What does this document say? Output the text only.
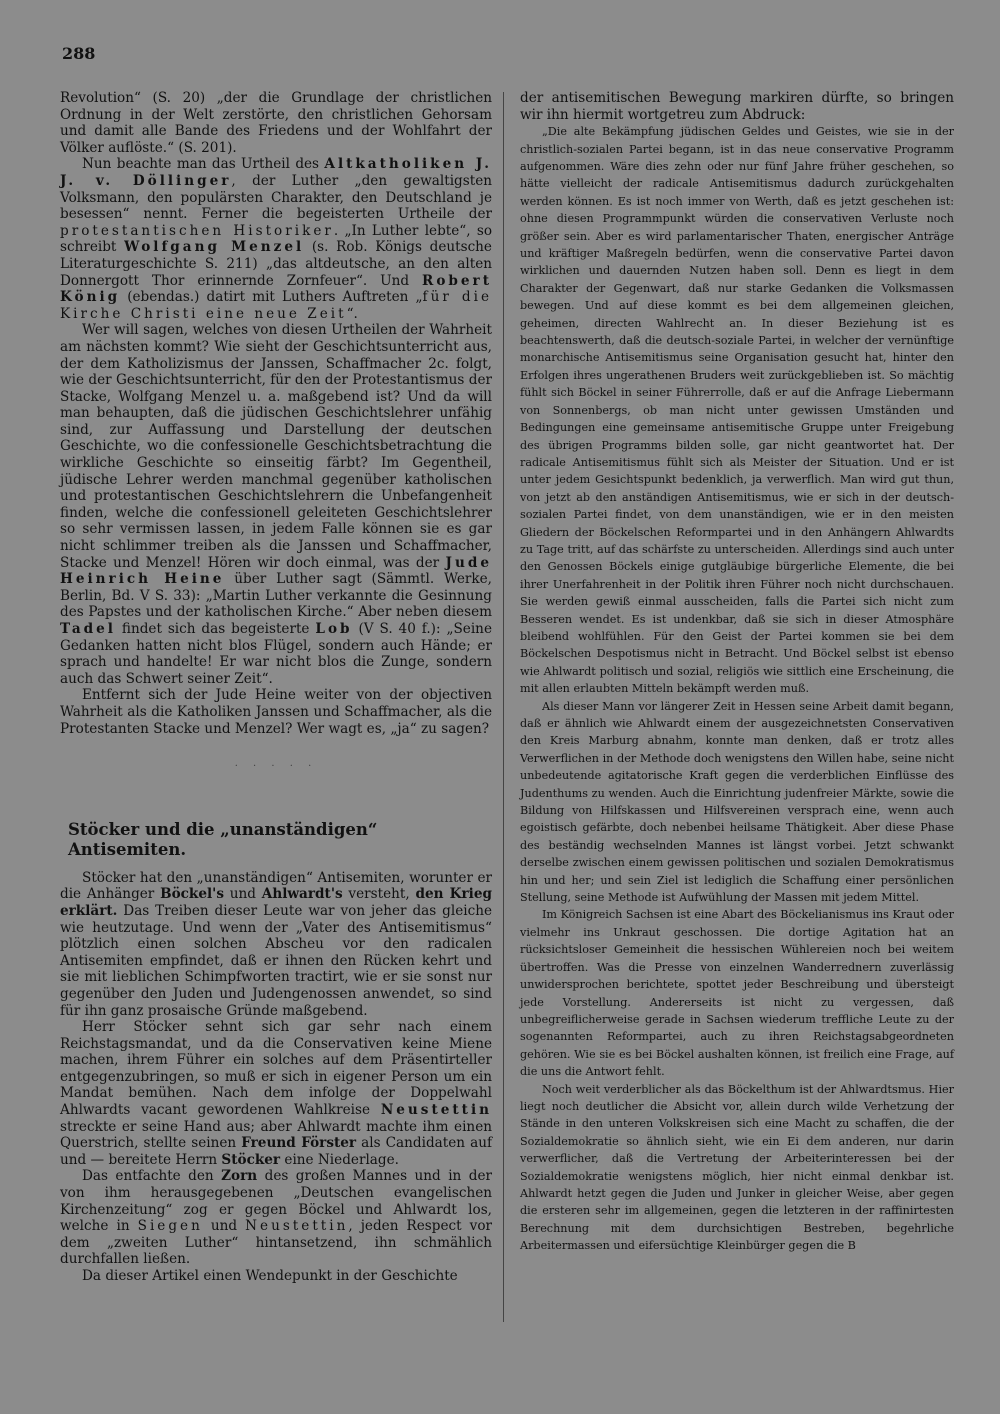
288

Revolution“ (S. 20) „der die Grundlage der christlichen Ordnung in der Welt zerstörte, den christlichen Gehorsam und damit alle Bande des Friedens und der Wohlfahrt der Völker auflöste.“ (S. 201).

Nun beachte man das Urtheil des Altkatholiken J. J. v. Döllinger, der Luther „den gewaltigsten Volksmann, den populärsten Charakter, den Deutschland je besessen“ nennt. Ferner die begeisterten Urtheile der protestantischen Historiker. „In Luther lebte“, so schreibt Wolfgang Menzel (s. Rob. Königs deutsche Literaturgeschichte S. 211) „das altdeutsche, an den alten Donnergott Thor erinnernde Zornfeuer“. Und Robert König (ebendas.) datirt mit Luthers Auftreten „für die Kirche Christi eine neue Zeit“.

Wer will sagen, welches von diesen Urtheilen der Wahrheit am nächsten kommt? Wie sieht der Geschichtsunterricht aus, der dem Katholizismus der Janssen, Schaffmacher 2c. folgt, wie der Geschichtsunterricht, für den der Protestantismus der Stacke, Wolfgang Menzel u. a. maßgebend ist? Und da will man behaupten, daß die jüdischen Geschichtslehrer unfähig sind, zur Auffassung und Darstellung der deutschen Geschichte, wo die confessionelle Geschichtsbetrachtung die wirkliche Geschichte so einseitig färbt? Im Gegentheil, jüdische Lehrer werden manchmal gegenüber katholischen und protestantischen Geschichtslehrern die Unbefangenheit finden, welche die confessionell geleiteten Geschichtslehrer so sehr vermissen lassen, in jedem Falle können sie es gar nicht schlimmer treiben als die Janssen und Schaffmacher, Stacke und Menzel! Hören wir doch einmal, was der Jude Heinrich Heine über Luther sagt (Sämmtl. Werke, Berlin, Bd. V S. 33): „Martin Luther verkannte die Gesinnung des Papstes und der katholischen Kirche.“ Aber neben diesem Tadel findet sich das begeisterte Lob (V S. 40 f.): „Seine Gedanken hatten nicht blos Flügel, sondern auch Hände; er sprach und handelte! Er war nicht blos die Zunge, sondern auch das Schwert seiner Zeit“.

Entfernt sich der Jude Heine weiter von der objectiven Wahrheit als die Katholiken Janssen und Schaffmacher, als die Protestanten Stacke und Menzel? Wer wagt es, „ja“ zu sagen?

· · · · ·
Stöcker und die „unanständigen“ Antisemiten.

Stöcker hat den „unanständigen“ Antisemiten, worunter er die Anhänger Böckel's und Ahlwardt's versteht, den Krieg erklärt. Das Treiben dieser Leute war von jeher das gleiche wie heutzutage. Und wenn der „Vater des Antisemitismus“ plötzlich einen solchen Abscheu vor den radicalen Antisemiten empfindet, daß er ihnen den Rücken kehrt und sie mit lieblichen Schimpfworten tractirt, wie er sie sonst nur gegenüber den Juden und Judengenossen anwendet, so sind für ihn ganz prosaische Gründe maßgebend.

Herr Stöcker sehnt sich gar sehr nach einem Reichstagsmandat, und da die Conservativen keine Miene machen, ihrem Führer ein solches auf dem Präsentirteller entgegenzubringen, so muß er sich in eigener Person um ein Mandat bemühen. Nach dem infolge der Doppelwahl Ahlwardts vacant gewordenen Wahlkreise Neustettin streckte er seine Hand aus; aber Ahlwardt machte ihm einen Querstrich, stellte seinen Freund Förster als Candidaten auf und — bereitete Herrn Stöcker eine Niederlage.

Das entfachte den Zorn des großen Mannes und in der von ihm herausgegebenen „Deutschen evangelischen Kirchenzeitung“ zog er gegen Böckel und Ahlwardt los, welche in Siegen und Neustettin, jeden Respect vor dem „zweiten Luther“ hintansetzend, ihn schmählich durchfallen ließen.

Da dieser Artikel einen Wendepunkt in der Geschichte

der antisemitischen Bewegung markiren dürfte, so bringen wir ihn hiermit wortgetreu zum Abdruck:

„Die alte Bekämpfung jüdischen Geldes und Geistes, wie sie in der christlich-sozialen Partei begann, ist in das neue conservative Programm aufgenommen. Wäre dies zehn oder nur fünf Jahre früher geschehen, so hätte vielleicht der radicale Antisemitismus dadurch zurückgehalten werden können. Es ist noch immer von Werth, daß es jetzt geschehen ist: ohne diesen Programmpunkt würden die conservativen Verluste noch größer sein. Aber es wird parlamentarischer Thaten, energischer Anträge und kräftiger Maßregeln bedürfen, wenn die conservative Partei davon wirklichen und dauernden Nutzen haben soll. Denn es liegt in dem Charakter der Gegenwart, daß nur starke Gedanken die Volksmassen bewegen. Und auf diese kommt es bei dem allgemeinen gleichen, geheimen, directen Wahlrecht an. In dieser Beziehung ist es beachtenswerth, daß die deutsch-soziale Partei, in welcher der vernünftige monarchische Antisemitismus seine Organisation gesucht hat, hinter den Erfolgen ihres ungerathenen Bruders weit zurückgeblieben ist. So mächtig fühlt sich Böckel in seiner Führerrolle, daß er auf die Anfrage Liebermann von Sonnenbergs, ob man nicht unter gewissen Umständen und Bedingungen eine gemeinsame antisemitische Gruppe unter Freigebung des übrigen Programms bilden solle, gar nicht geantwortet hat. Der radicale Antisemitismus fühlt sich als Meister der Situation. Und er ist unter jedem Gesichtspunkt bedenklich, ja verwerflich. Man wird gut thun, von jetzt ab den anständigen Antisemitismus, wie er sich in der deutsch-sozialen Partei findet, von dem unanständigen, wie er in den meisten Gliedern der Böckelschen Reformpartei und in den Anhängern Ahlwardts zu Tage tritt, auf das schärfste zu unterscheiden. Allerdings sind auch unter den Genossen Böckels einige gutgläubige bürgerliche Elemente, die bei ihrer Unerfahrenheit in der Politik ihren Führer noch nicht durchschauen. Sie werden gewiß einmal ausscheiden, falls die Partei sich nicht zum Besseren wendet. Es ist undenkbar, daß sie sich in dieser Atmosphäre bleibend wohlfühlen. Für den Geist der Partei kommen sie bei dem Böckelschen Despotismus nicht in Betracht. Und Böckel selbst ist ebenso wie Ahlwardt politisch und sozial, religiös wie sittlich eine Erscheinung, die mit allen erlaubten Mitteln bekämpft werden muß.

Als dieser Mann vor längerer Zeit in Hessen seine Arbeit damit begann, daß er ähnlich wie Ahlwardt einem der ausgezeichnetsten Conservativen den Kreis Marburg abnahm, konnte man denken, daß er trotz alles Verwerflichen in der Methode doch wenigstens den Willen habe, seine nicht unbedeutende agitatorische Kraft gegen die verderblichen Einflüsse des Judenthums zu wenden. Auch die Einrichtung judenfreier Märkte, sowie die Bildung von Hilfskassen und Hilfsvereinen versprach eine, wenn auch egoistisch gefärbte, doch nebenbei heilsame Thätigkeit. Aber diese Phase des beständig wechselnden Mannes ist längst vorbei. Jetzt schwankt derselbe zwischen einem gewissen politischen und sozialen Demokratismus hin und her; und sein Ziel ist lediglich die Schaffung einer persönlichen Stellung, seine Methode ist Aufwühlung der Massen mit jedem Mittel.

Im Königreich Sachsen ist eine Abart des Böckelianismus ins Kraut oder vielmehr ins Unkraut geschossen. Die dortige Agitation hat an rücksichtsloser Gemeinheit die hessischen Wühlereien noch bei weitem übertroffen. Was die Presse von einzelnen Wanderrednern zuverlässig unwidersprochen berichtete, spottet jeder Beschreibung und übersteigt jede Vorstellung. Andererseits ist nicht zu vergessen, daß unbegreiflicherweise gerade in Sachsen wiederum treffliche Leute zu der sogenannten Reformpartei, auch zu ihren Reichstagsabgeordneten gehören. Wie sie es bei Böckel aushalten können, ist freilich eine Frage, auf die uns die Antwort fehlt.

Noch weit verderblicher als das Böckelthum ist der Ahlwardtsmus. Hier liegt noch deutlicher die Absicht vor, allein durch wilde Verhetzung der Stände in den unteren Volkskreisen sich eine Macht zu schaffen, die der Sozialdemokratie so ähnlich sieht, wie ein Ei dem anderen, nur darin verwerflicher, daß die Vertretung der Arbeiterinteressen bei der Sozialdemokratie wenigstens möglich, hier nicht einmal denkbar ist. Ahlwardt hetzt gegen die Juden und Junker in gleicher Weise, aber gegen die ersteren sehr im allgemeinen, gegen die letzteren in der raffinirtesten Berechnung mit dem durchsichtigen Bestreben, begehrliche Arbeitermassen und eifersüchtige Kleinbürger gegen die B
